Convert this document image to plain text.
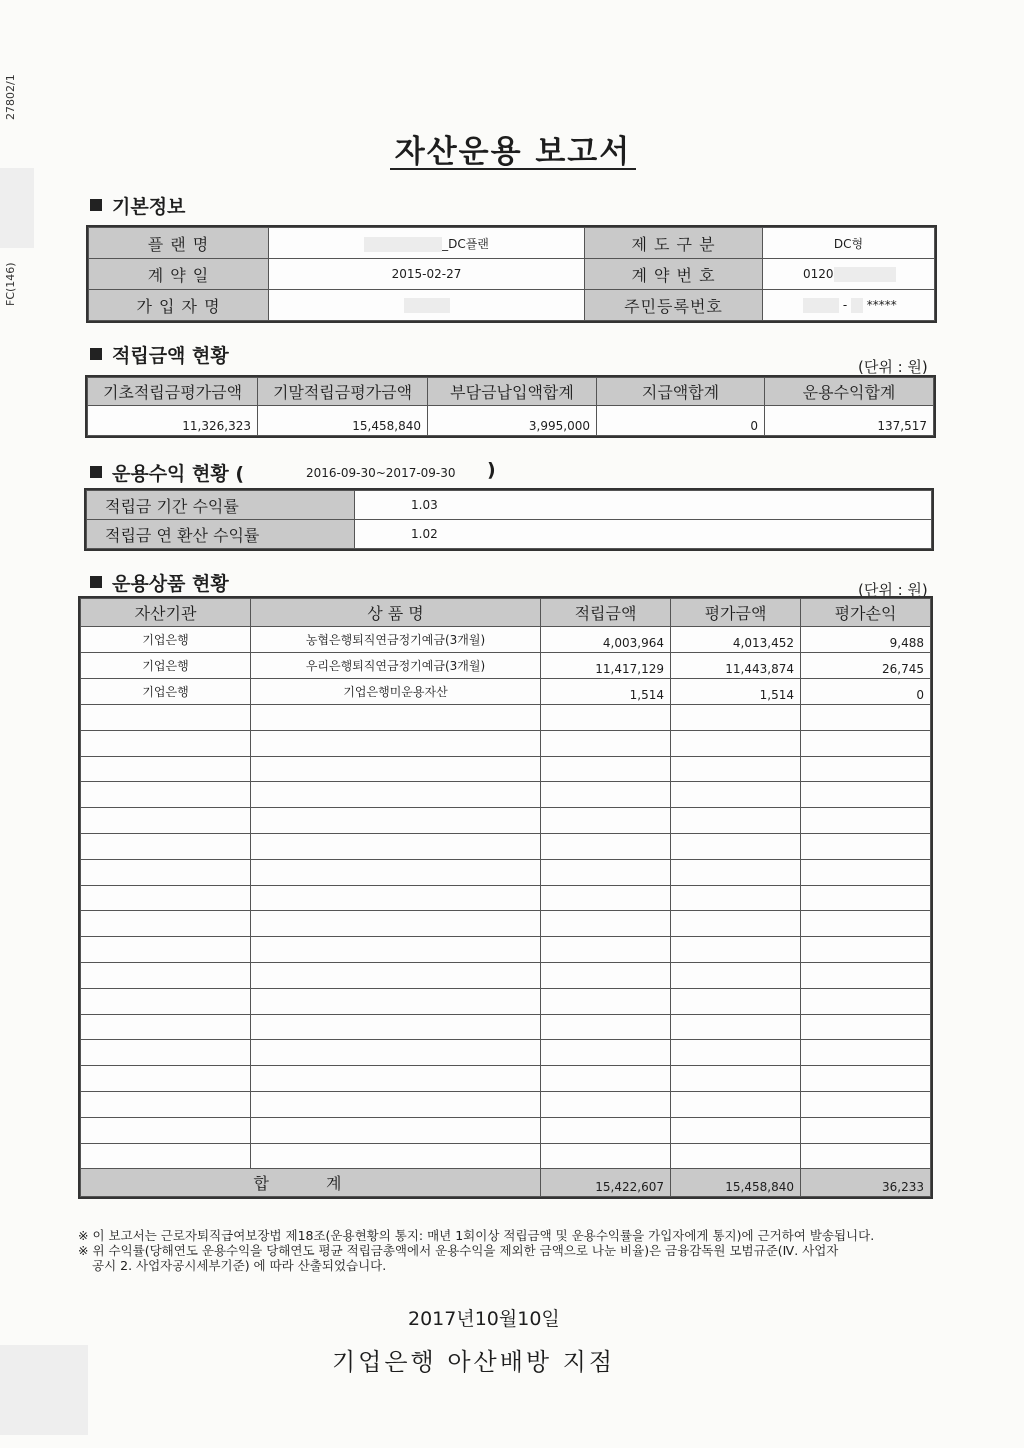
27802/1
FC(146)
자산운용 보고서
기본정보
플 랜 명	_DC플랜	제 도 구 분	DC형
계 약 일	2015-02-27	계 약 번 호	0120
가 입 자 명		주민등록번호	-  *****
적립금액 현황	(단위 : 원)
기초적립금평가금액	기말적립금평가금액	부담금납입액합계	지급액합계	운용수익합계
11,326,323	15,458,840	3,995,000	0	137,517
운용수익 현황 (	2016-09-30~2017-09-30 )
적립금 기간 수익률	1.03
적립금 연 환산 수익률	1.02
운용상품 현황	(단위 : 원)
자산기관	상 품 명	적립금액	평가금액	평가손익
기업은행	농협은행퇴직연금정기예금(3개월)	4,003,964	4,013,452	9,488
기업은행	우리은행퇴직연금정기예금(3개월)	11,417,129	11,443,874	26,745
기업은행	기업은행미운용자산	1,514	1,514	0

합 계		15,422,607	15,458,840	36,233
※ 이 보고서는 근로자퇴직급여보장법 제18조(운용현황의 통지: 매년 1회이상 적립금액 및 운용수익률을 가입자에게 통지)에 근거하여 발송됩니다.
※ 위 수익률(당해연도 운용수익을 당해연도 평균 적립금총액에서 운용수익을 제외한 금액으로 나눈 비율)은 금융감독원 모범규준(Ⅳ. 사업자
공시 2. 사업자공시세부기준) 에 따라 산출되었습니다.
2017년10월10일
기업은행 아산배방 지점
